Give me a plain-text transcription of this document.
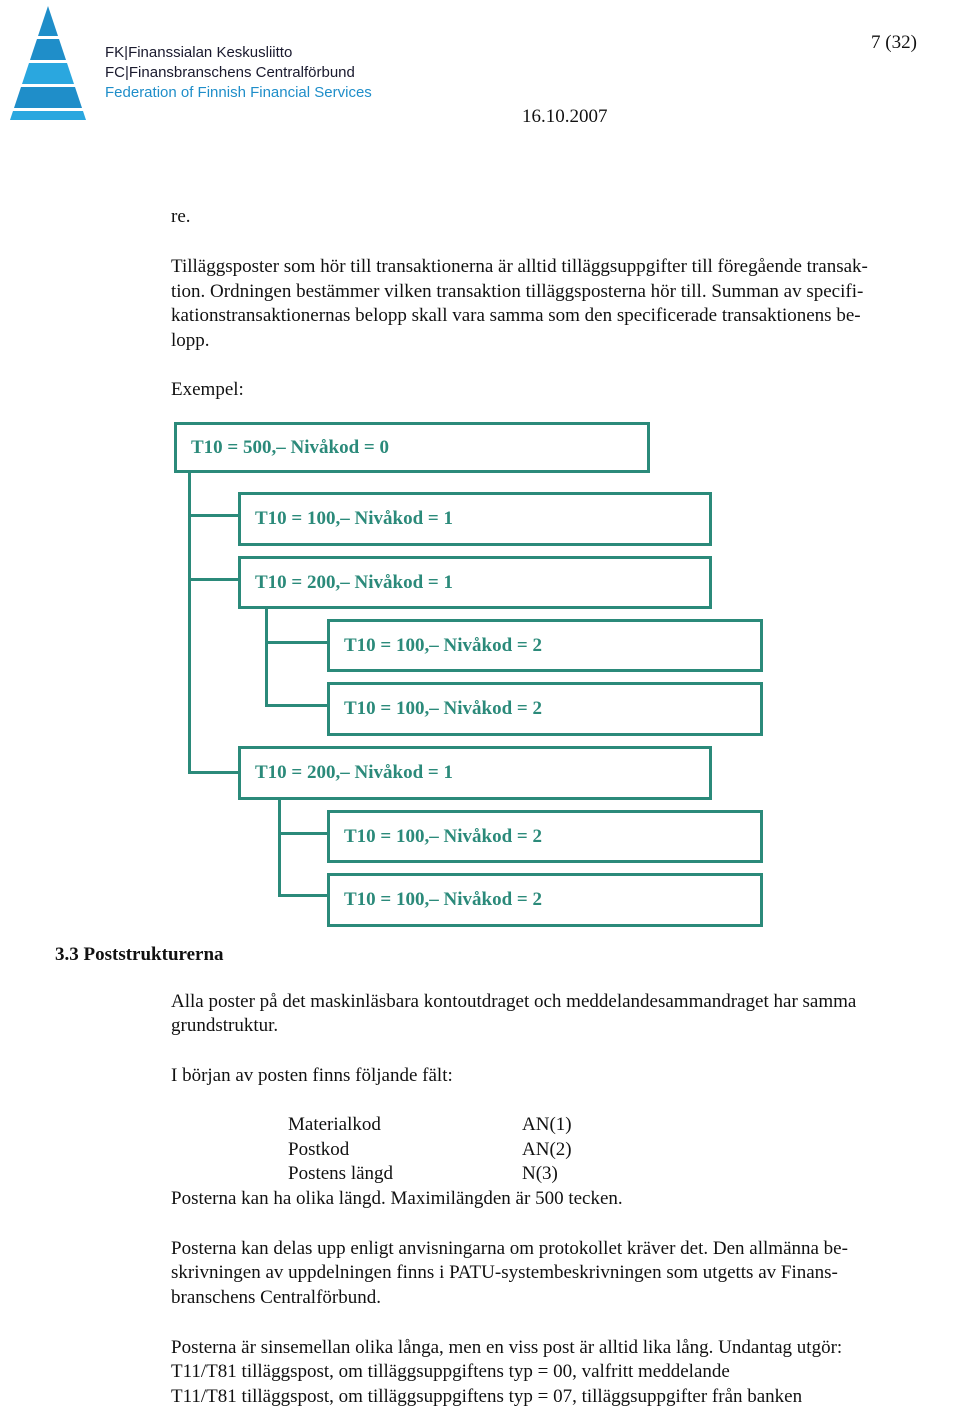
FK|Finanssialan Keskusliitto
FC|Finansbranschens Centralförbund
Federation of Finnish Financial Services
7 (32)
16.10.2007
re.
Tilläggsposter som hör till transaktionerna är alltid tilläggsuppgifter till föregående transak-
tion. Ordningen bestämmer vilken transaktion tilläggsposterna hör till. Summan av specifi-
kationstransaktionernas belopp skall vara samma som den specificerade transaktionens be-
lopp.
Exempel:
T10 = 500,– Nivåkod = 0
T10 = 100,– Nivåkod = 1
T10 = 200,– Nivåkod = 1
T10 = 100,– Nivåkod = 2
T10 = 100,– Nivåkod = 2
T10 = 200,– Nivåkod = 1
T10 = 100,– Nivåkod = 2
T10 = 100,– Nivåkod = 2
3.3 Poststrukturerna
Alla poster på det maskinläsbara kontoutdraget och meddelandesammandraget har samma
grundstruktur.
I början av posten finns följande fält:
Materialkod	AN(1)
Postkod	AN(2)
Postens längd	N(3)
Posterna kan ha olika längd. Maximilängden är 500 tecken.
Posterna kan delas upp enligt anvisningarna om protokollet kräver det. Den allmänna be-
skrivningen av uppdelningen finns i PATU-systembeskrivningen som utgetts av Finans-
branschens Centralförbund.
Posterna är sinsemellan olika långa, men en viss post är alltid lika lång. Undantag utgör:
T11/T81 tilläggspost, om tilläggsuppgiftens typ = 00, valfritt meddelande
T11/T81 tilläggspost, om tilläggsuppgiftens typ = 07, tilläggsuppgifter från banken
